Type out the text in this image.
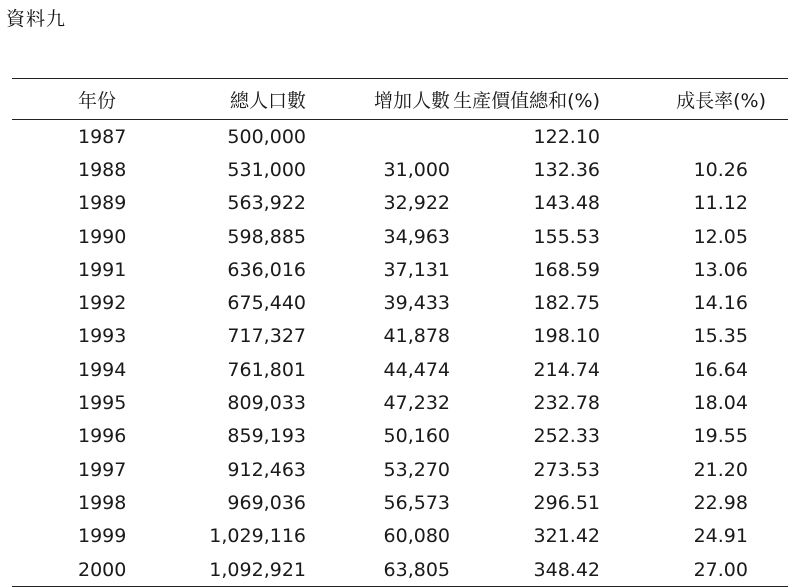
資料九
年份	總人口數	增加人數	生產價值總和(%)	成長率(%)
1987	500,000		122.10	
1988	531,000	31,000	132.36	10.26
1989	563,922	32,922	143.48	11.12
1990	598,885	34,963	155.53	12.05
1991	636,016	37,131	168.59	13.06
1992	675,440	39,433	182.75	14.16
1993	717,327	41,878	198.10	15.35
1994	761,801	44,474	214.74	16.64
1995	809,033	47,232	232.78	18.04
1996	859,193	50,160	252.33	19.55
1997	912,463	53,270	273.53	21.20
1998	969,036	56,573	296.51	22.98
1999	1,029,116	60,080	321.42	24.91
2000	1,092,921	63,805	348.42	27.00
